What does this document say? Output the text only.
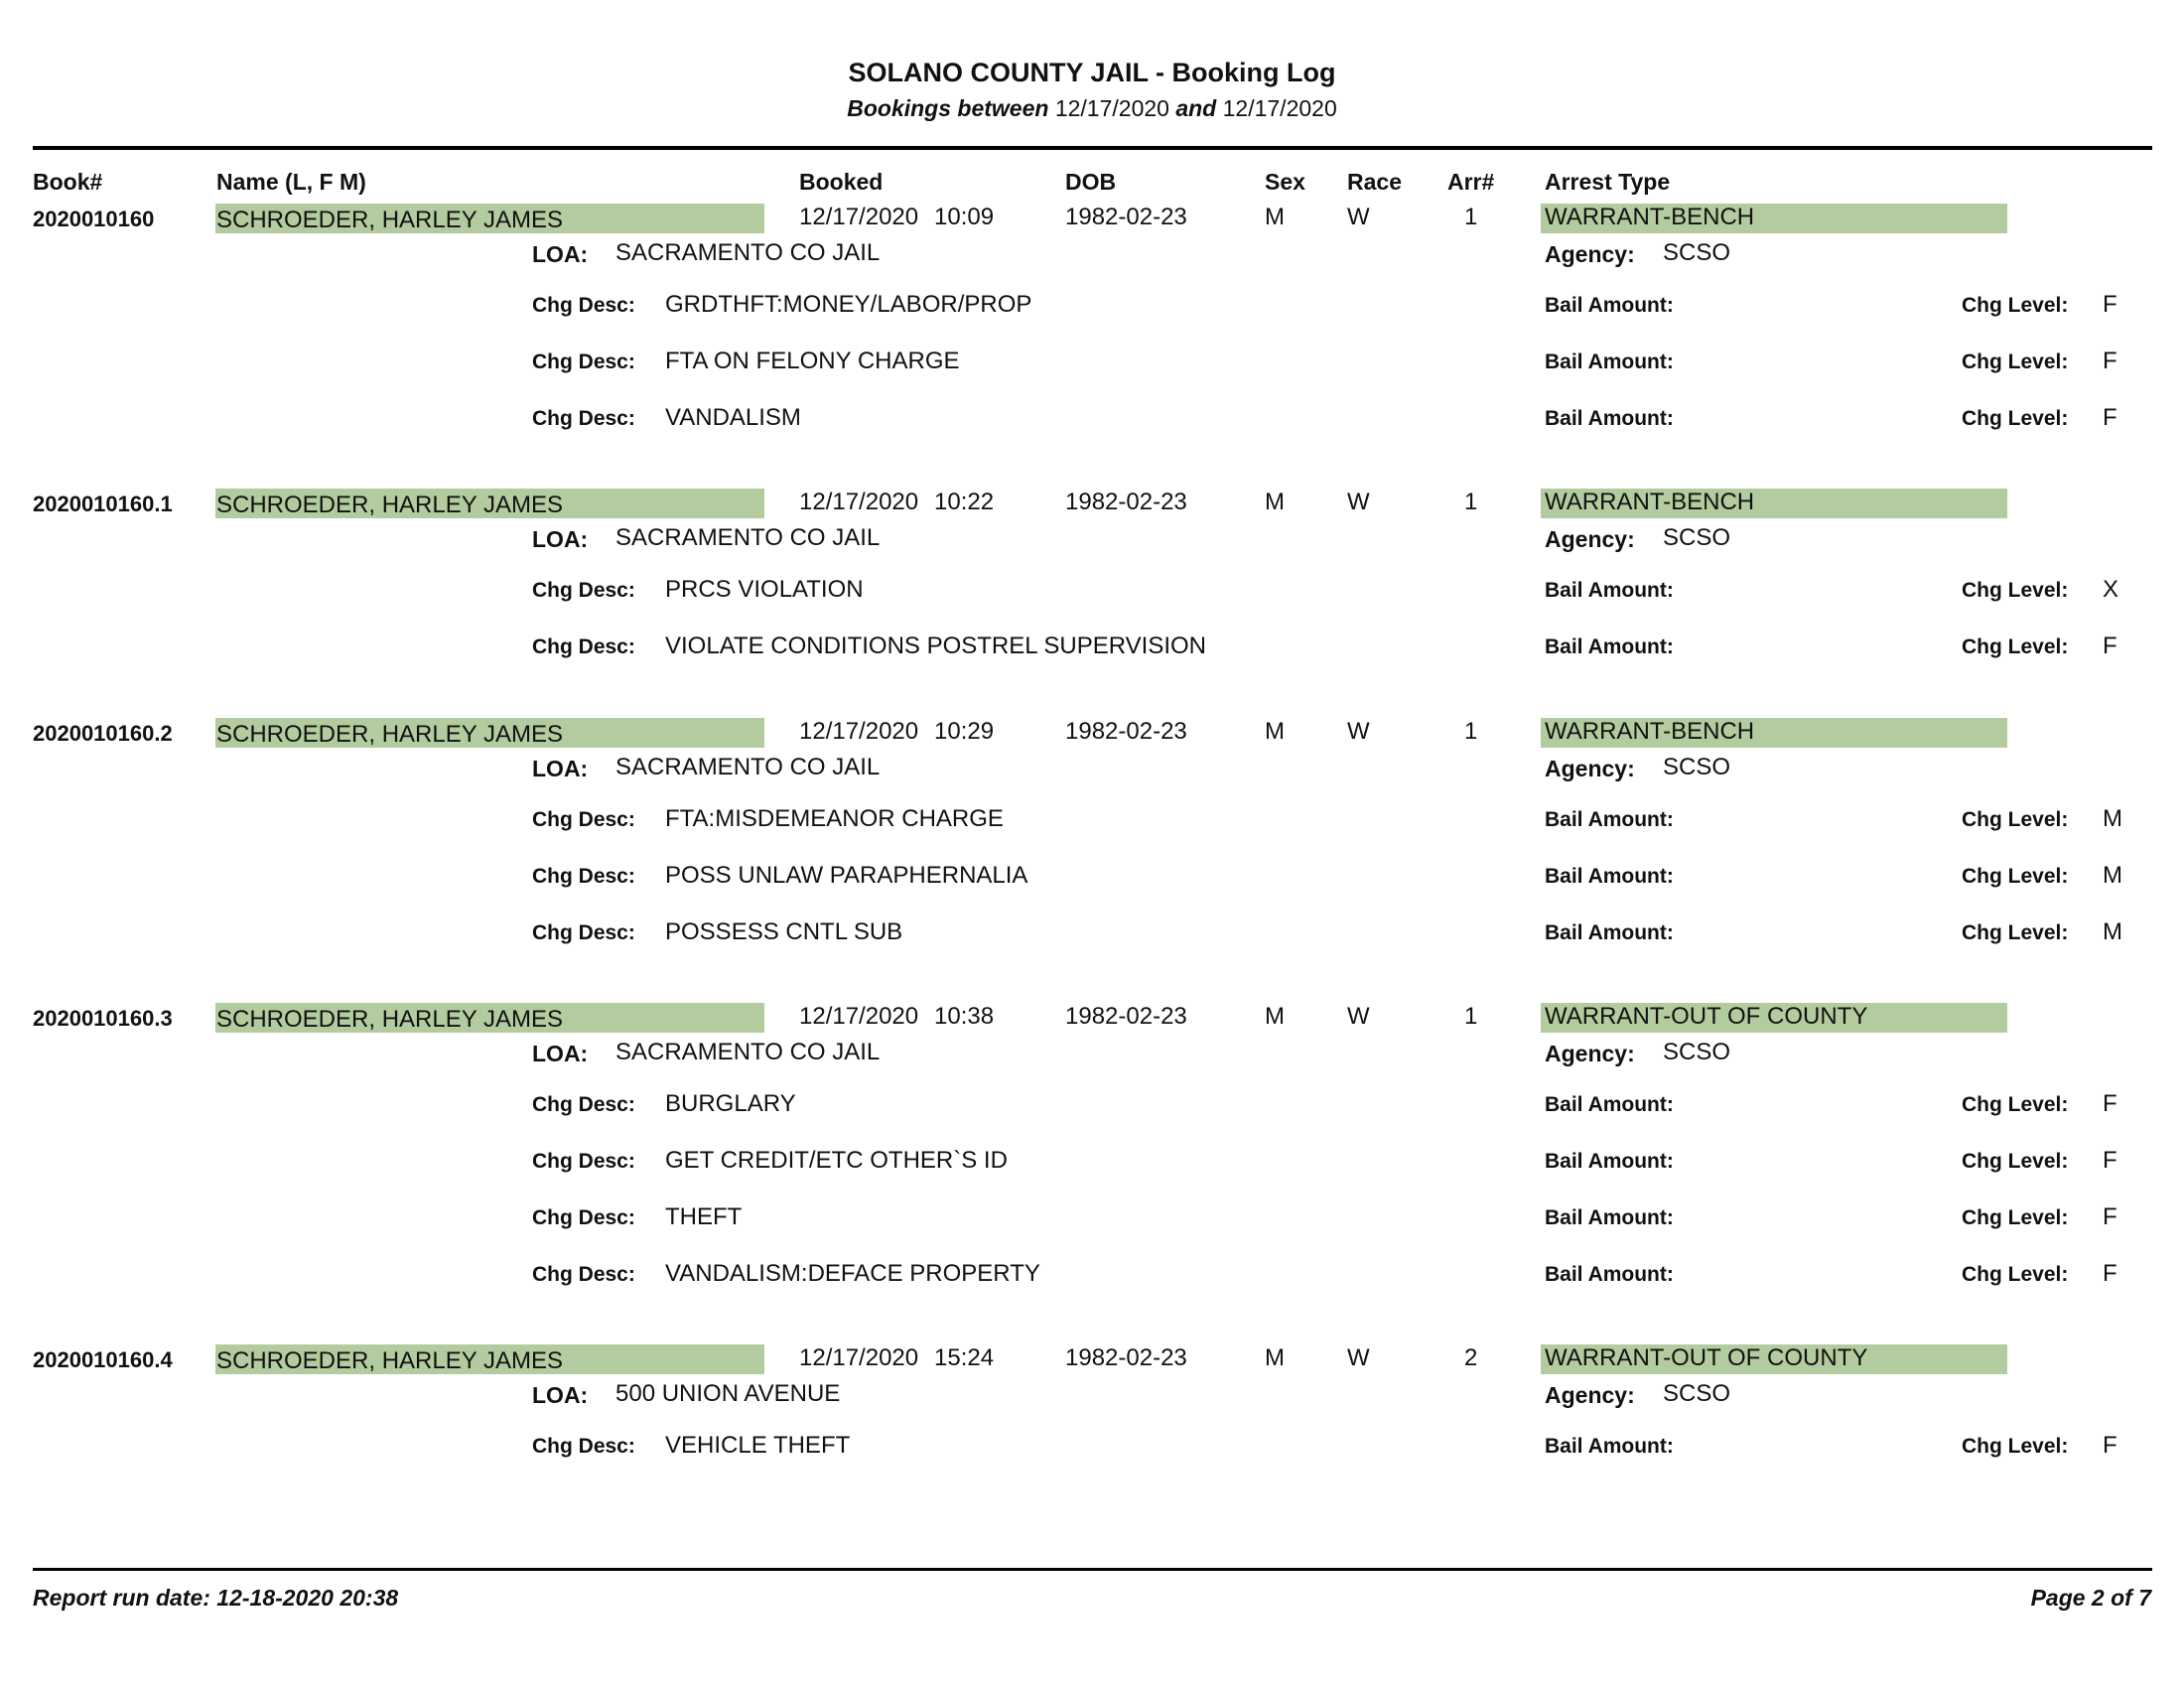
SOLANO COUNTY JAIL - Booking Log
Bookings between 12/17/2020 and 12/17/2020
Book#	Name (L, F M)	Booked	DOB	Sex Race Arr# Arrest Type
2020010160	SCHROEDER, HARLEY JAMES	12/17/2020 10:09	1982-02-23	M	W	1	WARRANT-BENCH
LOA: SACRAMENTO CO JAIL	Agency: SCSO
Chg Desc: GRDTHFT:MONEY/LABOR/PROP	Bail Amount:	Chg Level: F
Chg Desc: FTA ON FELONY CHARGE	Bail Amount:	Chg Level: F
Chg Desc: VANDALISM	Bail Amount:	Chg Level: F
2020010160.1 SCHROEDER, HARLEY JAMES	12/17/2020 10:22	1982-02-23	M	W	1	WARRANT-BENCH
LOA: SACRAMENTO CO JAIL	Agency: SCSO
Chg Desc: PRCS VIOLATION	Bail Amount:	Chg Level: X
Chg Desc: VIOLATE CONDITIONS POSTREL SUPERVISION	Bail Amount:	Chg Level: F
2020010160.2 SCHROEDER, HARLEY JAMES	12/17/2020 10:29	1982-02-23	M	W	1	WARRANT-BENCH
LOA: SACRAMENTO CO JAIL	Agency: SCSO
Chg Desc: FTA:MISDEMEANOR CHARGE	Bail Amount:	Chg Level: M
Chg Desc: POSS UNLAW PARAPHERNALIA	Bail Amount:	Chg Level: M
Chg Desc: POSSESS CNTL SUB	Bail Amount:	Chg Level: M
2020010160.3 SCHROEDER, HARLEY JAMES	12/17/2020 10:38	1982-02-23	M	W	1	WARRANT-OUT OF COUNTY
LOA: SACRAMENTO CO JAIL	Agency: SCSO
Chg Desc: BURGLARY	Bail Amount:	Chg Level: F
Chg Desc: GET CREDIT/ETC OTHER`S ID	Bail Amount:	Chg Level: F
Chg Desc: THEFT	Bail Amount:	Chg Level: F
Chg Desc: VANDALISM:DEFACE PROPERTY	Bail Amount:	Chg Level: F
2020010160.4 SCHROEDER, HARLEY JAMES	12/17/2020 15:24	1982-02-23	M	W	2	WARRANT-OUT OF COUNTY
LOA: 500 UNION AVENUE	Agency: SCSO
Chg Desc: VEHICLE THEFT	Bail Amount:	Chg Level: F
Report run date: 12-18-2020 20:38	Page 2 of 7
